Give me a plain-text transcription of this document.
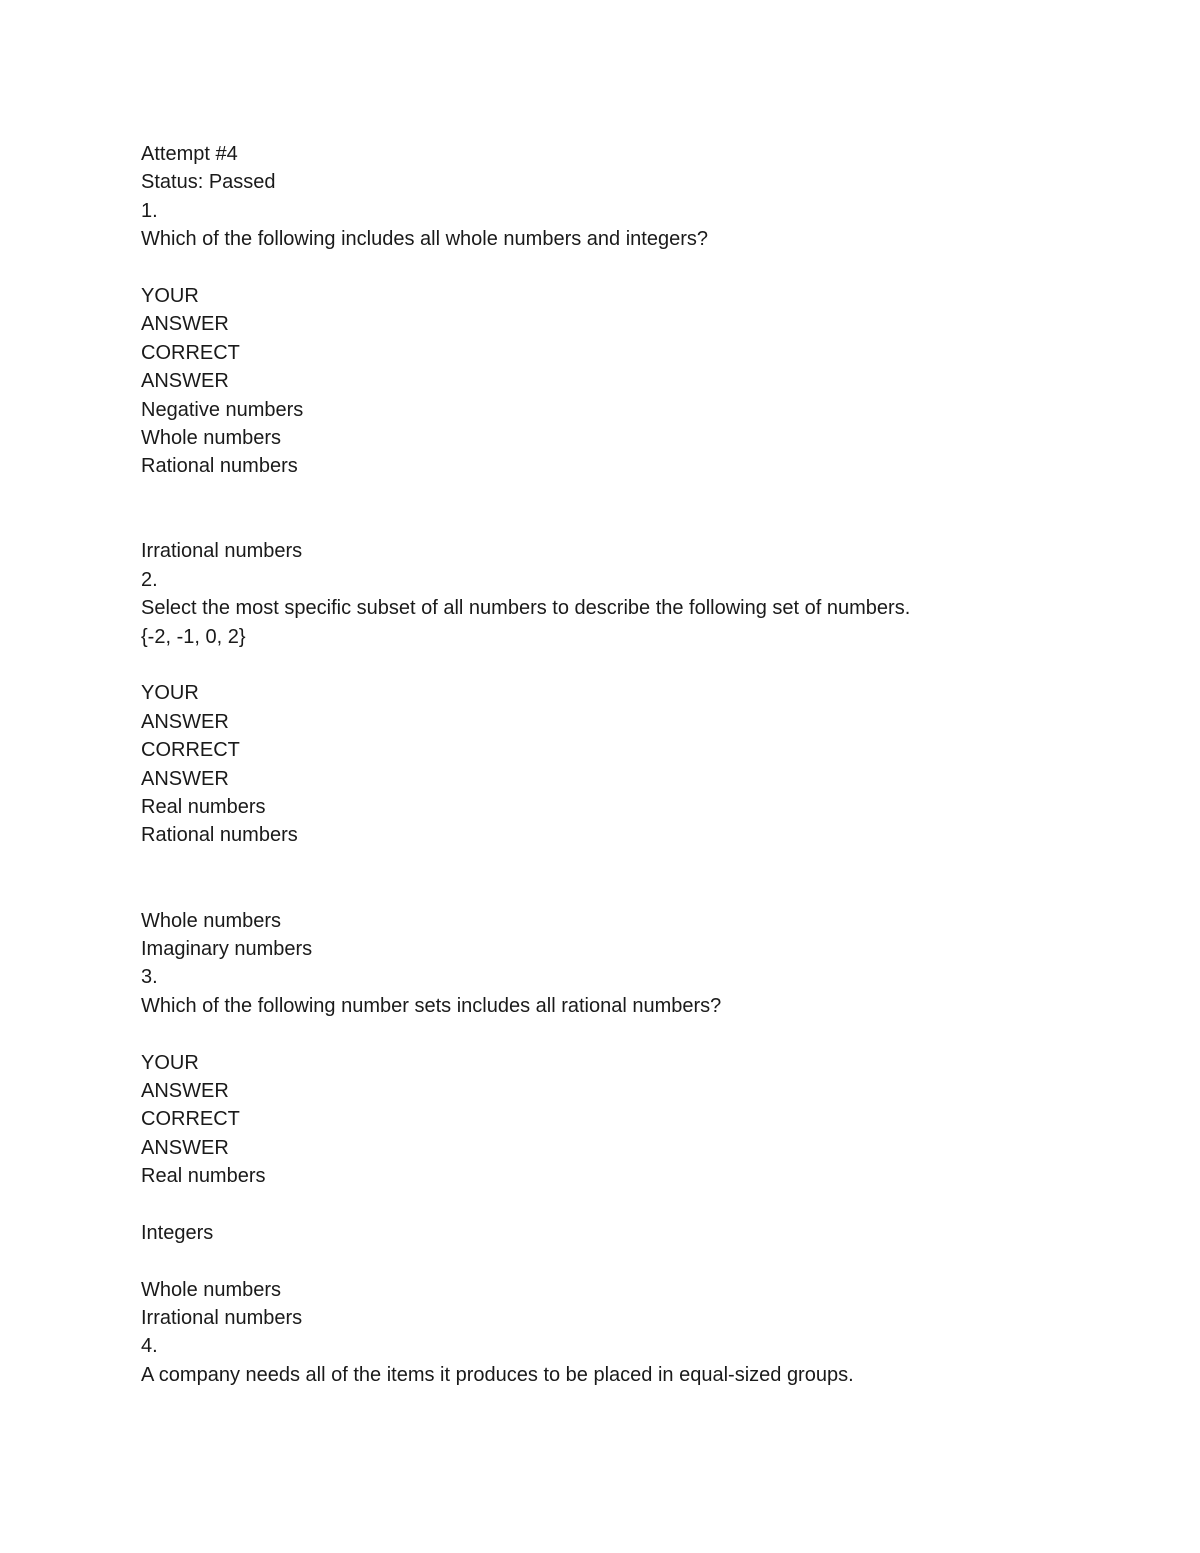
Attempt #4
Status: Passed
1.
Which of the following includes all whole numbers and integers?
YOUR
ANSWER
CORRECT
ANSWER
Negative numbers
Whole numbers
Rational numbers
Irrational numbers
2.
Select the most specific subset of all numbers to describe the following set of numbers.
{-2, -1, 0, 2}
YOUR
ANSWER
CORRECT
ANSWER
Real numbers
Rational numbers
Whole numbers
Imaginary numbers
3.
Which of the following number sets includes all rational numbers?
YOUR
ANSWER
CORRECT
ANSWER
Real numbers
Integers
Whole numbers
Irrational numbers
4.
A company needs all of the items it produces to be placed in equal-sized groups.
